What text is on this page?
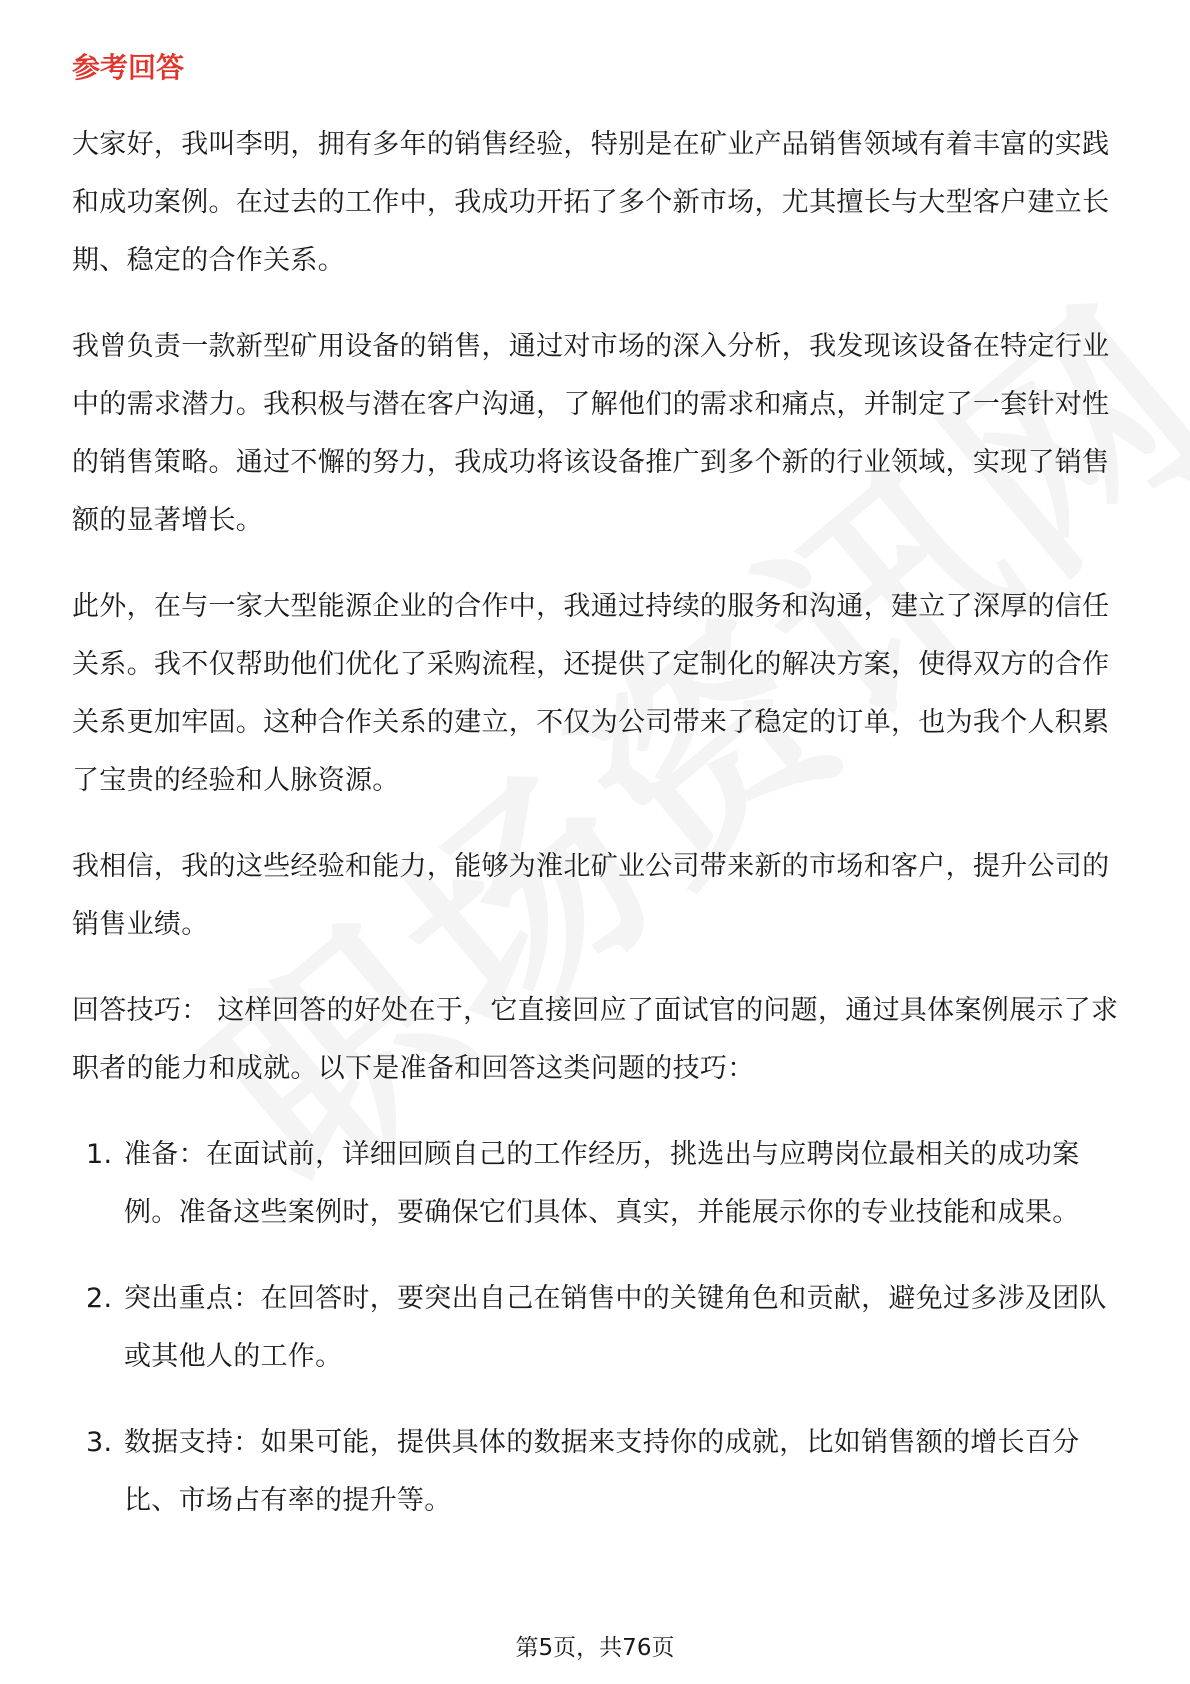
参考回答

大家好，我叫李明，拥有多年的销售经验，特别是在矿业产品销售领域有着丰富的实践和成功案例。在过去的工作中，我成功开拓了多个新市场，尤其擅长与大型客户建立长期、稳定的合作关系。

我曾负责一款新型矿用设备的销售，通过对市场的深入分析，我发现该设备在特定行业中的需求潜力。我积极与潜在客户沟通，了解他们的需求和痛点，并制定了一套针对性的销售策略。通过不懈的努力，我成功将该设备推广到多个新的行业领域，实现了销售额的显著增长。

此外，在与一家大型能源企业的合作中，我通过持续的服务和沟通，建立了深厚的信任关系。我不仅帮助他们优化了采购流程，还提供了定制化的解决方案，使得双方的合作关系更加牢固。这种合作关系的建立，不仅为公司带来了稳定的订单，也为我个人积累了宝贵的经验和人脉资源。

我相信，我的这些经验和能力，能够为淮北矿业公司带来新的市场和客户，提升公司的销售业绩。

回答技巧： 这样回答的好处在于，它直接回应了面试官的问题，通过具体案例展示了求职者的能力和成就。以下是准备和回答这类问题的技巧：

1. 准备：在面试前，详细回顾自己的工作经历，挑选出与应聘岗位最相关的成功案例。准备这些案例时，要确保它们具体、真实，并能展示你的专业技能和成果。
2. 突出重点：在回答时，要突出自己在销售中的关键角色和贡献，避免过多涉及团队或其他人的工作。
3. 数据支持：如果可能，提供具体的数据来支持你的成就，比如销售额的增长百分比、市场占有率的提升等。
第5页，共76页
